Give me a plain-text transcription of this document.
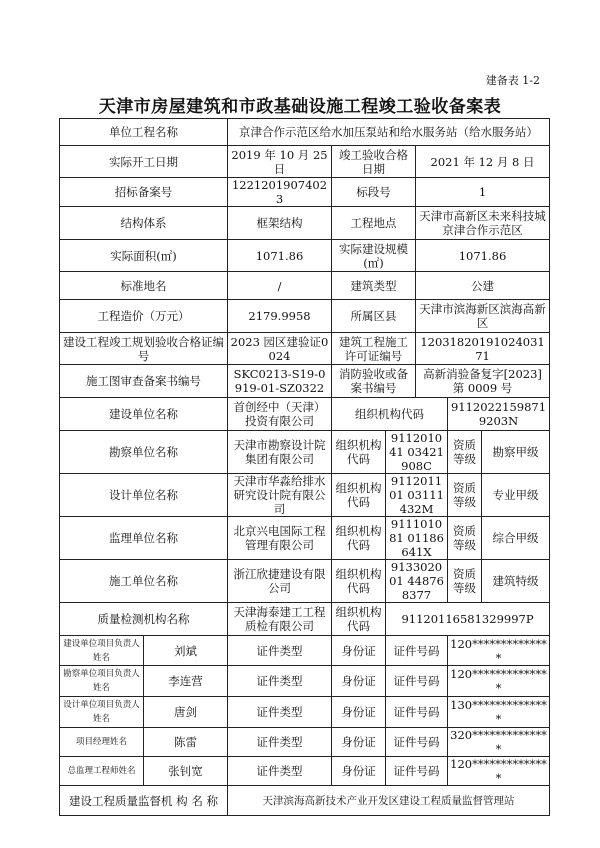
建备表 1-2
天津市房屋建筑和市政基础设施工程竣工验收备案表
单位工程名称		京津合作示范区给水加压泵站和给水服务站（给水服务站）					
实际开工日期		2019 年 10 月 25 日	竣工验收合格日期		2021 年 12 月 8 日		
招标备案号		12212019074023	标段号		1		
结构体系		框架结构	工程地点		天津市高新区未来科技城京津合作示范区		
实际面积(㎡)		1071.86	实际建设规模(㎡)		1071.86		
标准地名		/	建筑类型		公建		
工程造价（万元）		2179.9958	所属区县		天津市滨海新区滨海高新区		
建设工程竣工规划验收合格证编号		2023 园区建验证0024	建筑工程施工许可证编号		12031820191024031 71		
施工图审查备案书编号		SKC0213-S19-0919-01-SZ0322	消防验收或备案书编号		高新消验备复字[2023]第 0009 号		
建设单位名称		首创经中（天津）投资有限公司	组织机构代码			91120221598719203N	
勘察单位名称		天津市勘察设计院集团有限公司	组织机构代码	911201041 03421908C		资质等级	勘察甲级
设计单位名称		天津市华淼给排水研究设计院有限公司	组织机构代码	911201101 03111432M		资质等级	专业甲级
监理单位名称		北京兴电国际工程管理有限公司	组织机构代码	911101081 01186641X		资质等级	综合甲级
施工单位名称		浙江欣捷建设有限公司	组织机构代码	913302001 448768377		资质等级	建筑特级
质量检测机构名称		天津海泰建工工程质检有限公司	组织机构代码	91120116581329997P			
建设单位项目负责人姓名	刘斌	证件类型	身份证	证件号码		120**************	
勘察单位项目负责人姓名	李连营	证件类型	身份证	证件号码		120**************	
设计单位项目负责人姓名	唐剑	证件类型	身份证	证件号码		130**************	
项目经理姓名	陈雷	证件类型	身份证	证件号码		320**************	
总监理工程师姓名	张钊宽	证件类型	身份证	证件号码		120**************	
建设工程质量监督机 构 名 称		天津滨海高新技术产业开发区建设工程质量监督管理站					
